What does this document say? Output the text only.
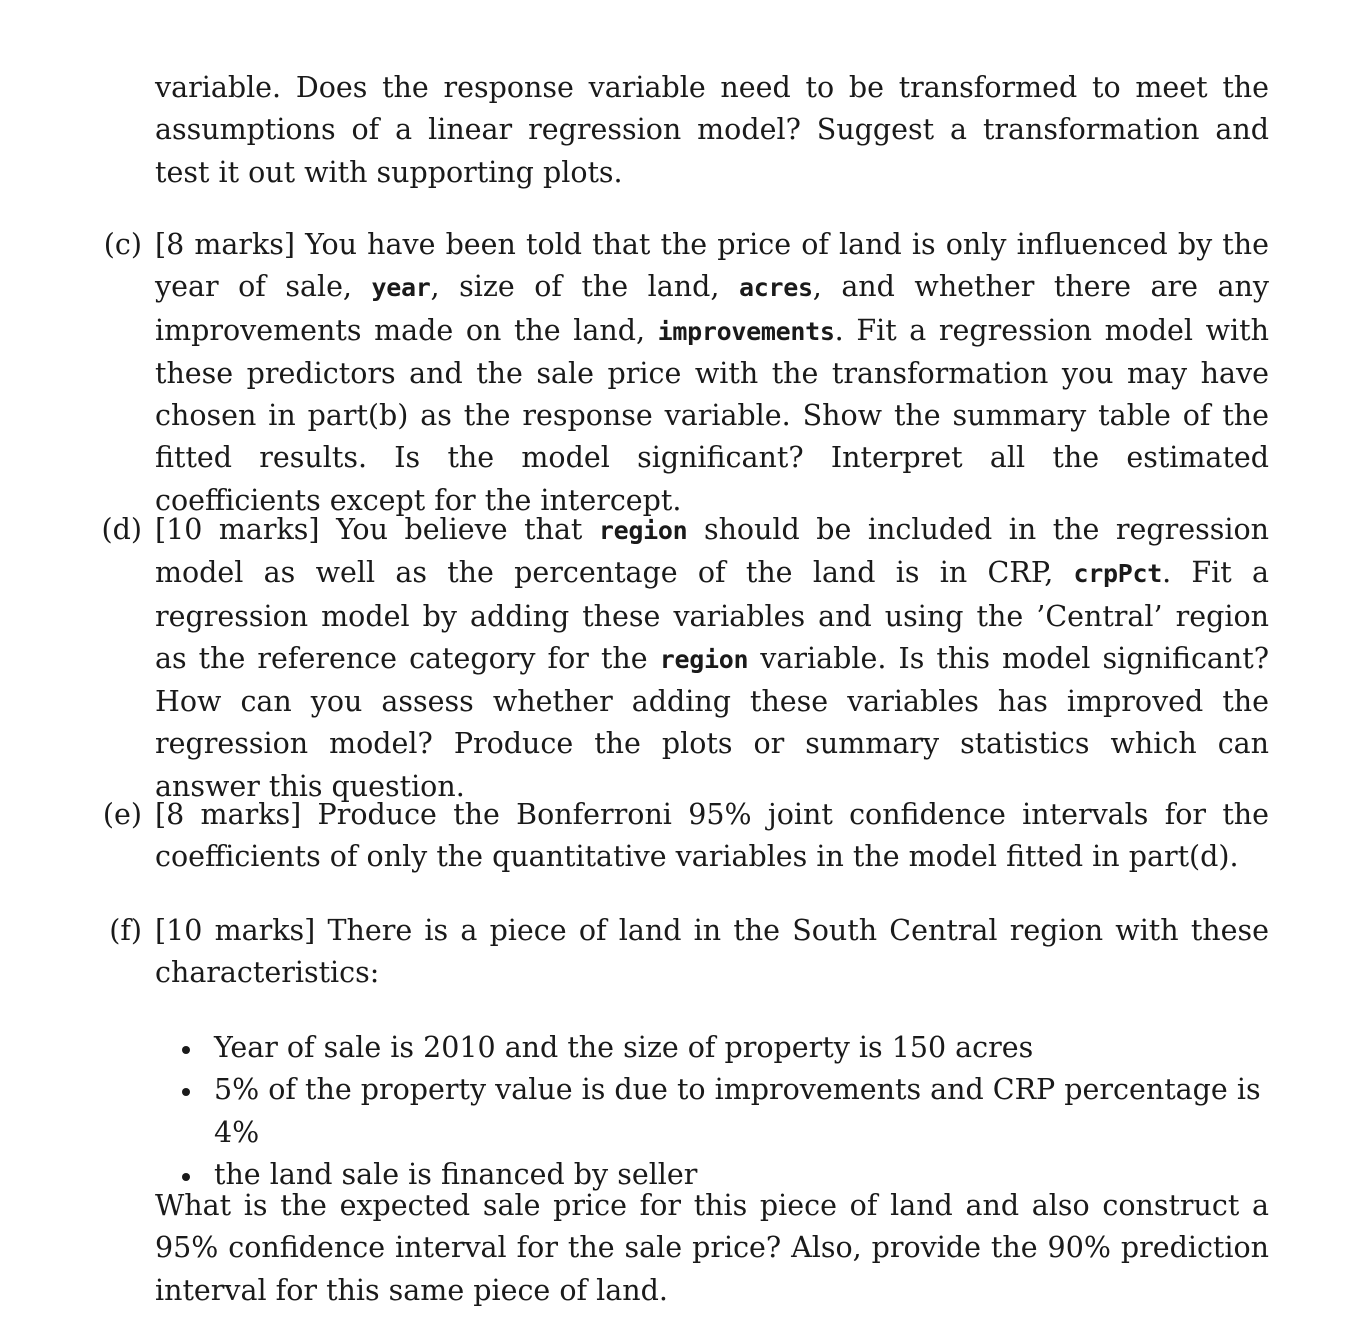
variable. Does the response variable need to be transformed to meet the assumptions of a linear regression model? Suggest a transformation and test it out with supporting plots.
(c) [8 marks] You have been told that the price of land is only influenced by the year of sale, year, size of the land, acres, and whether there are any improvements made on the land, improvements. Fit a regression model with these predictors and the sale price with the transformation you may have chosen in part(b) as the response variable. Show the summary table of the fitted results. Is the model significant? Interpret all the estimated coefficients except for the intercept.
(d) [10 marks] You believe that region should be included in the regression model as well as the percentage of the land is in CRP, crpPct. Fit a regression model by adding these variables and using the ’Central’ region as the reference category for the region variable. Is this model significant? How can you assess whether adding these variables has improved the regression model? Produce the plots or summary statistics which can answer this question.
(e) [8 marks] Produce the Bonferroni 95% joint confidence intervals for the coefficients of only the quantitative variables in the model fitted in part(d).
(f) [10 marks] There is a piece of land in the South Central region with these characteristics:
Year of sale is 2010 and the size of property is 150 acres
5% of the property value is due to improvements and CRP percentage is 4%
the land sale is financed by seller
What is the expected sale price for this piece of land and also construct a 95% confidence interval for the sale price? Also, provide the 90% prediction interval for this same piece of land.
